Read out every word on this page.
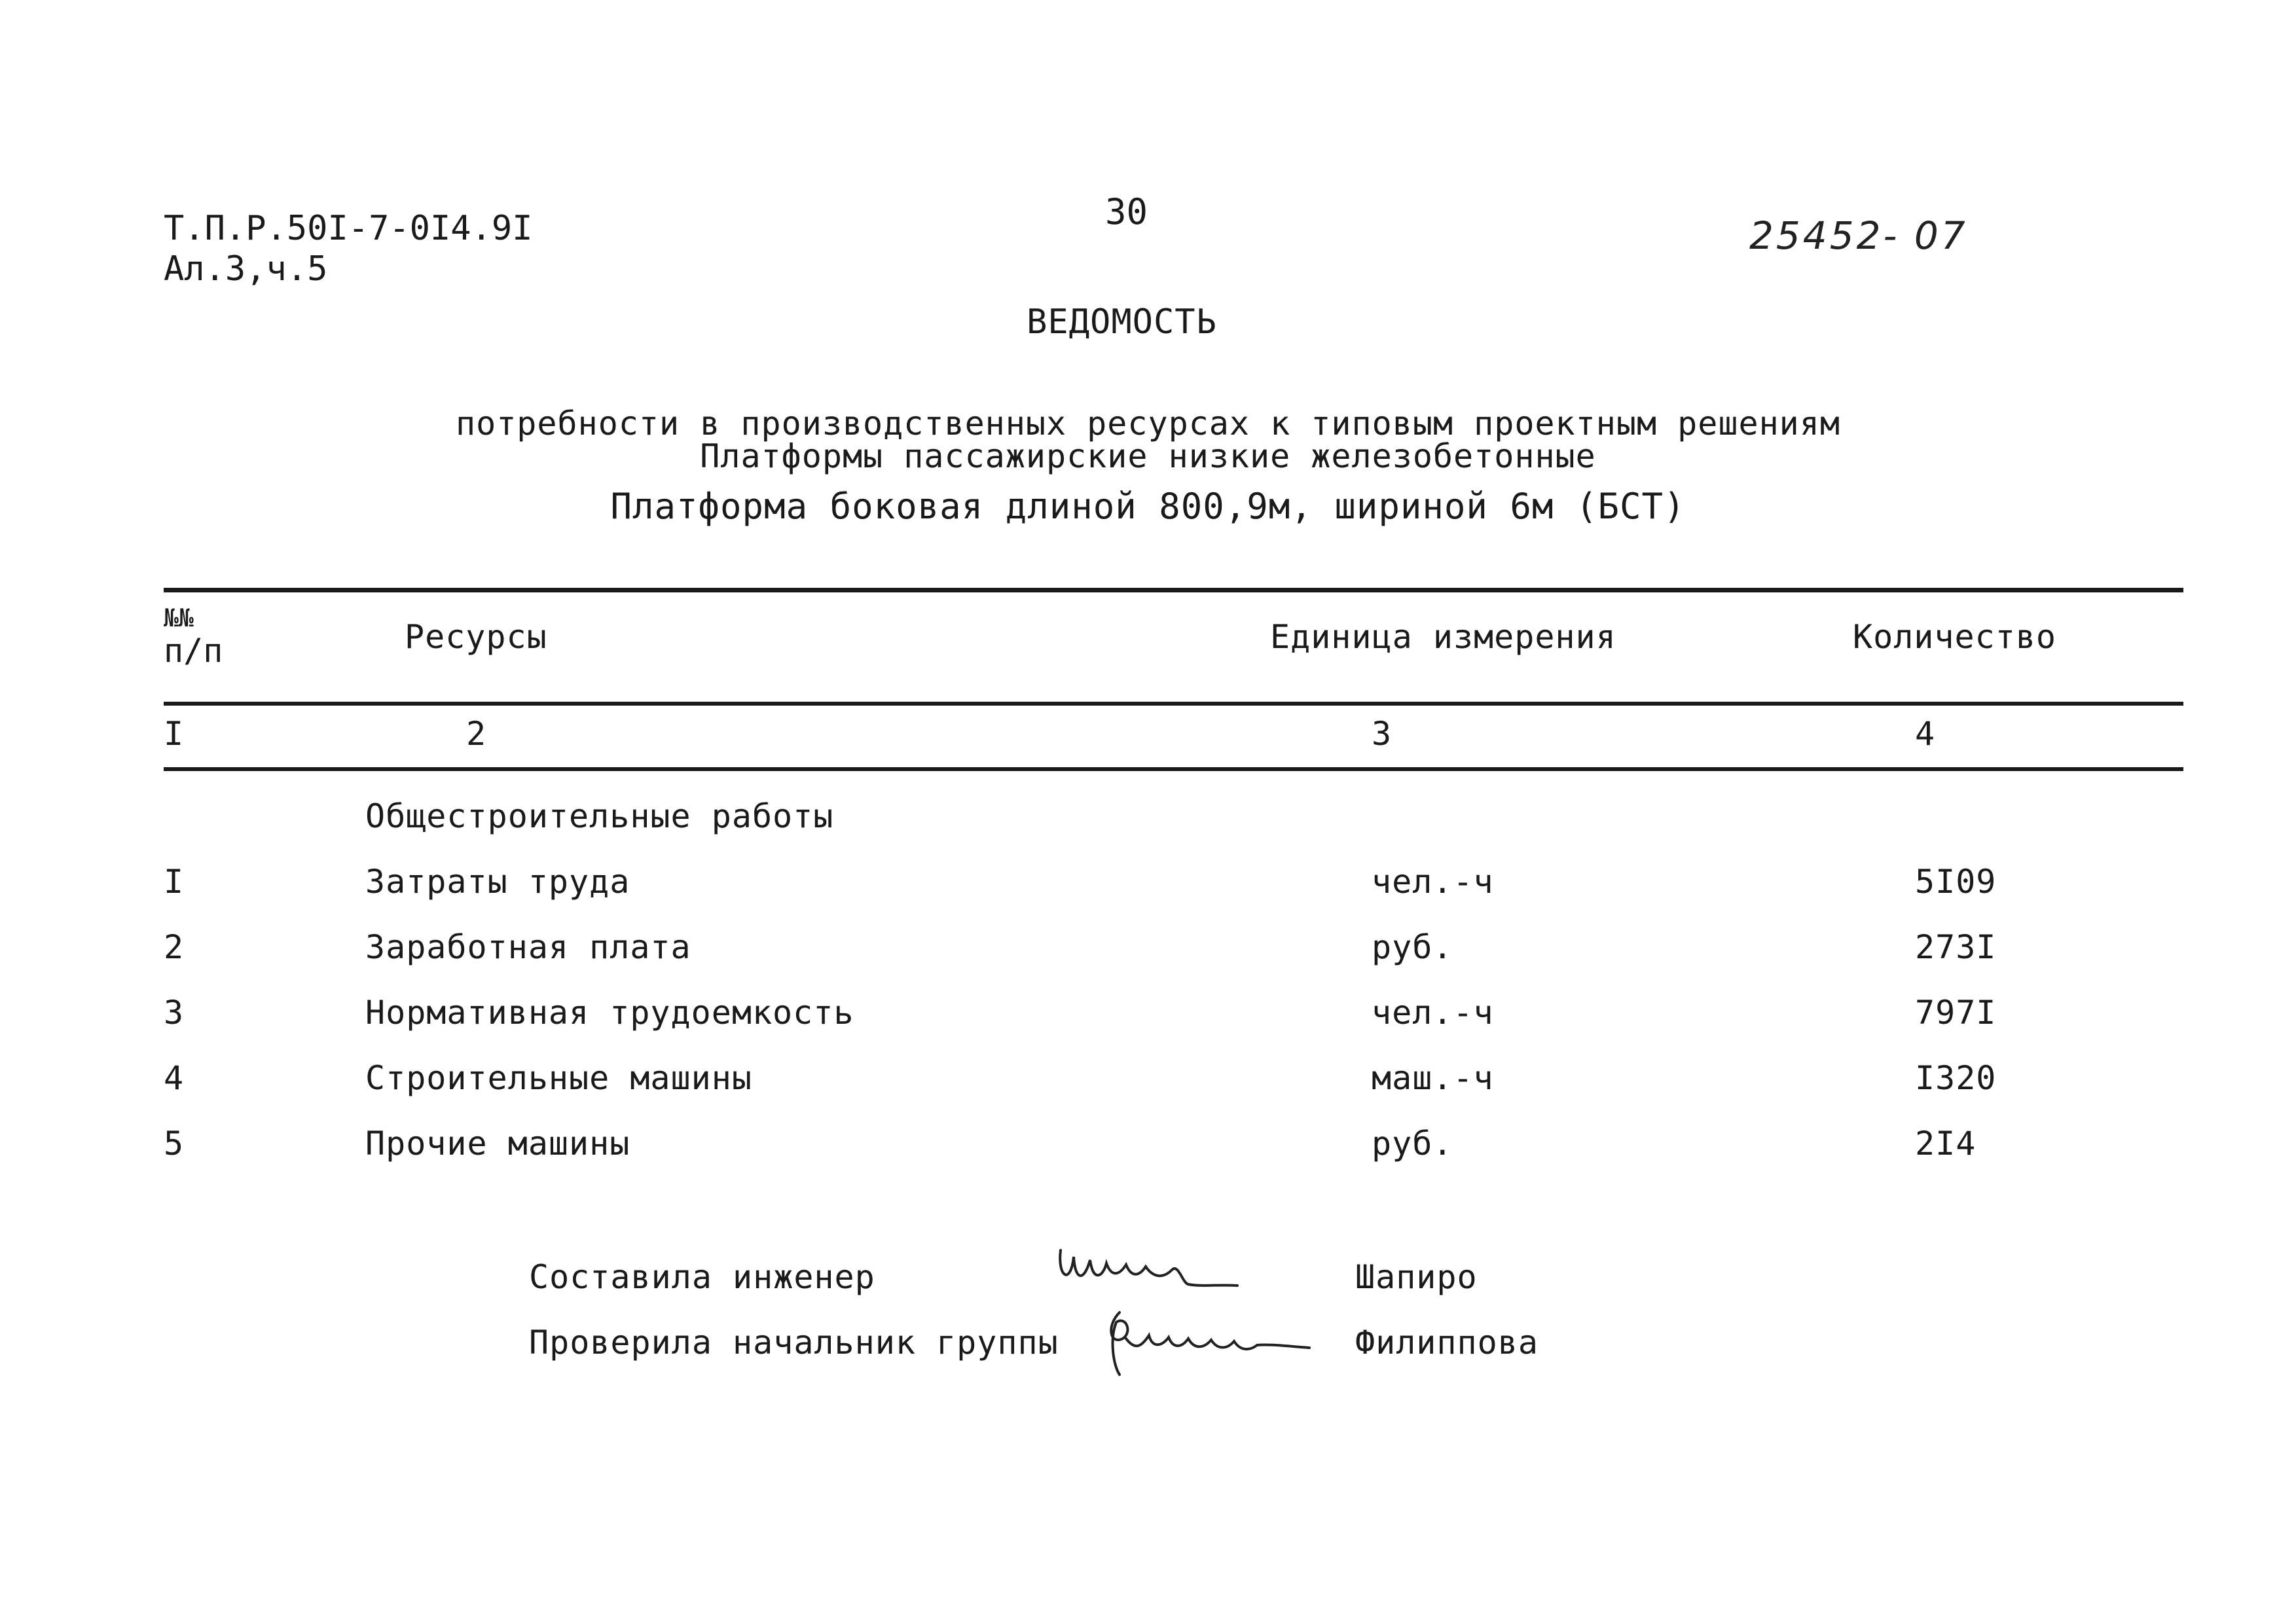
Т.П.Р.50I-7-0I4.9I
Ал.3,ч.5
30
25452- 07
ВЕДОМОСТЬ
потребности в производственных ресурсах к типовым проектным решениям
Платформы пассажирские низкие железобетонные
Платформа боковая длиной 800,9м, шириной 6м (БСТ)
№№
п/п	Ресурсы	Единица измерения	Количество
I	2	3	4
Общестроительные работы
I	Затраты труда	чел.-ч	5I09
2	Заработная плата	руб.	273I
3	Нормативная трудоемкость	чел.-ч	797I
4	Строительные машины	маш.-ч	I320
5	Прочие машины	руб.	2I4
Составила инженер	Шапиро
Проверила начальник группы	Филиппова
